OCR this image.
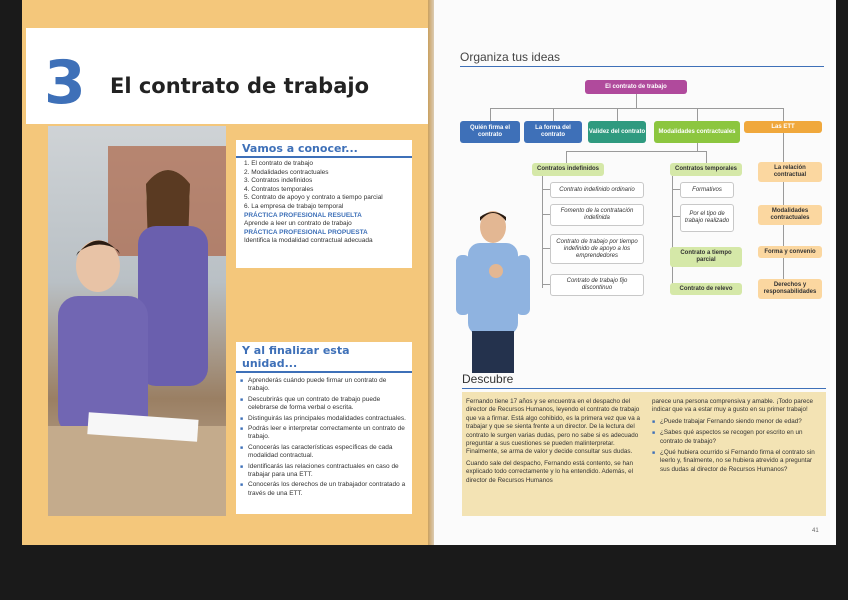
3 El contrato de trabajo
Vamos a conocer...
1. El contrato de trabajo
2. Modalidades contractuales
3. Contratos indefinidos
4. Contratos temporales
5. Contrato de apoyo y contrato a tiempo parcial
6. La empresa de trabajo temporal
PRÁCTICA PROFESIONAL RESUELTA
Aprende a leer un contrato de trabajo
PRÁCTICA PROFESIONAL PROPUESTA
Identifica la modalidad contractual adecuada
Y al finalizar esta unidad...
■ Aprenderás cuándo puede firmar un contrato de trabajo.
■ Descubrirás que un contrato de trabajo puede celebrarse de forma verbal o escrita.
■ Distinguirás las principales modalidades contractuales.
■ Podrás leer e interpretar correctamente un contrato de trabajo.
■ Conocerás las características específicas de cada modalidad contractual.
■ Identificarás las relaciones contractuales en caso de trabajar para una ETT.
■ Conocerás los derechos de un trabajador contratado a través de una ETT.
Organiza tus ideas
El contrato de trabajo
Quién firma el contrato
La forma del contrato
Validez del contrato	Modalidades contractuales
Las ETT
Contratos indefinidos	Contratos temporales
Contrato indefinido ordinario
Fomento de la contratación indefinida
Contrato de trabajo por tiempo indefinido de apoyo a los emprendedores
Contrato de trabajo fijo discontinuo
Formativos
Por el tipo de trabajo realizado
Contrato a tiempo parcial
Contrato de relevo
La relación contractual
Modalidades contractuales
Forma y convenio
Derechos y responsabilidades
Descubre
Fernando tiene 17 años y se encuentra en el despacho del director de Recursos Humanos, leyendo el contrato de trabajo que va a firmar. Está algo cohibido, es la primera vez que va a trabajar y que se sienta frente a un director. De la lectura del contrato le surgen varias dudas, pero no sabe si es adecuado preguntar a sus cuestiones se pueden malinterpretar. Finalmente, se arma de valor y decide consultar sus dudas.
Cuando sale del despacho, Fernando está contento, se han explicado todo correctamente y lo ha entendido. Además, el director de Recursos Humanos
parece una persona comprensiva y amable. ¡Todo parece indicar que va a estar muy a gusto en su primer trabajo!
■ ¿Puede trabajar Fernando siendo menor de edad?
■ ¿Sabes qué aspectos se recogen por escrito en un contrato de trabajo?
■ ¿Qué hubiera ocurrido si Fernando firma el contrato sin leerlo y, finalmente, no se hubiera atrevido a preguntar sus dudas al director de Recursos Humanos?
41
